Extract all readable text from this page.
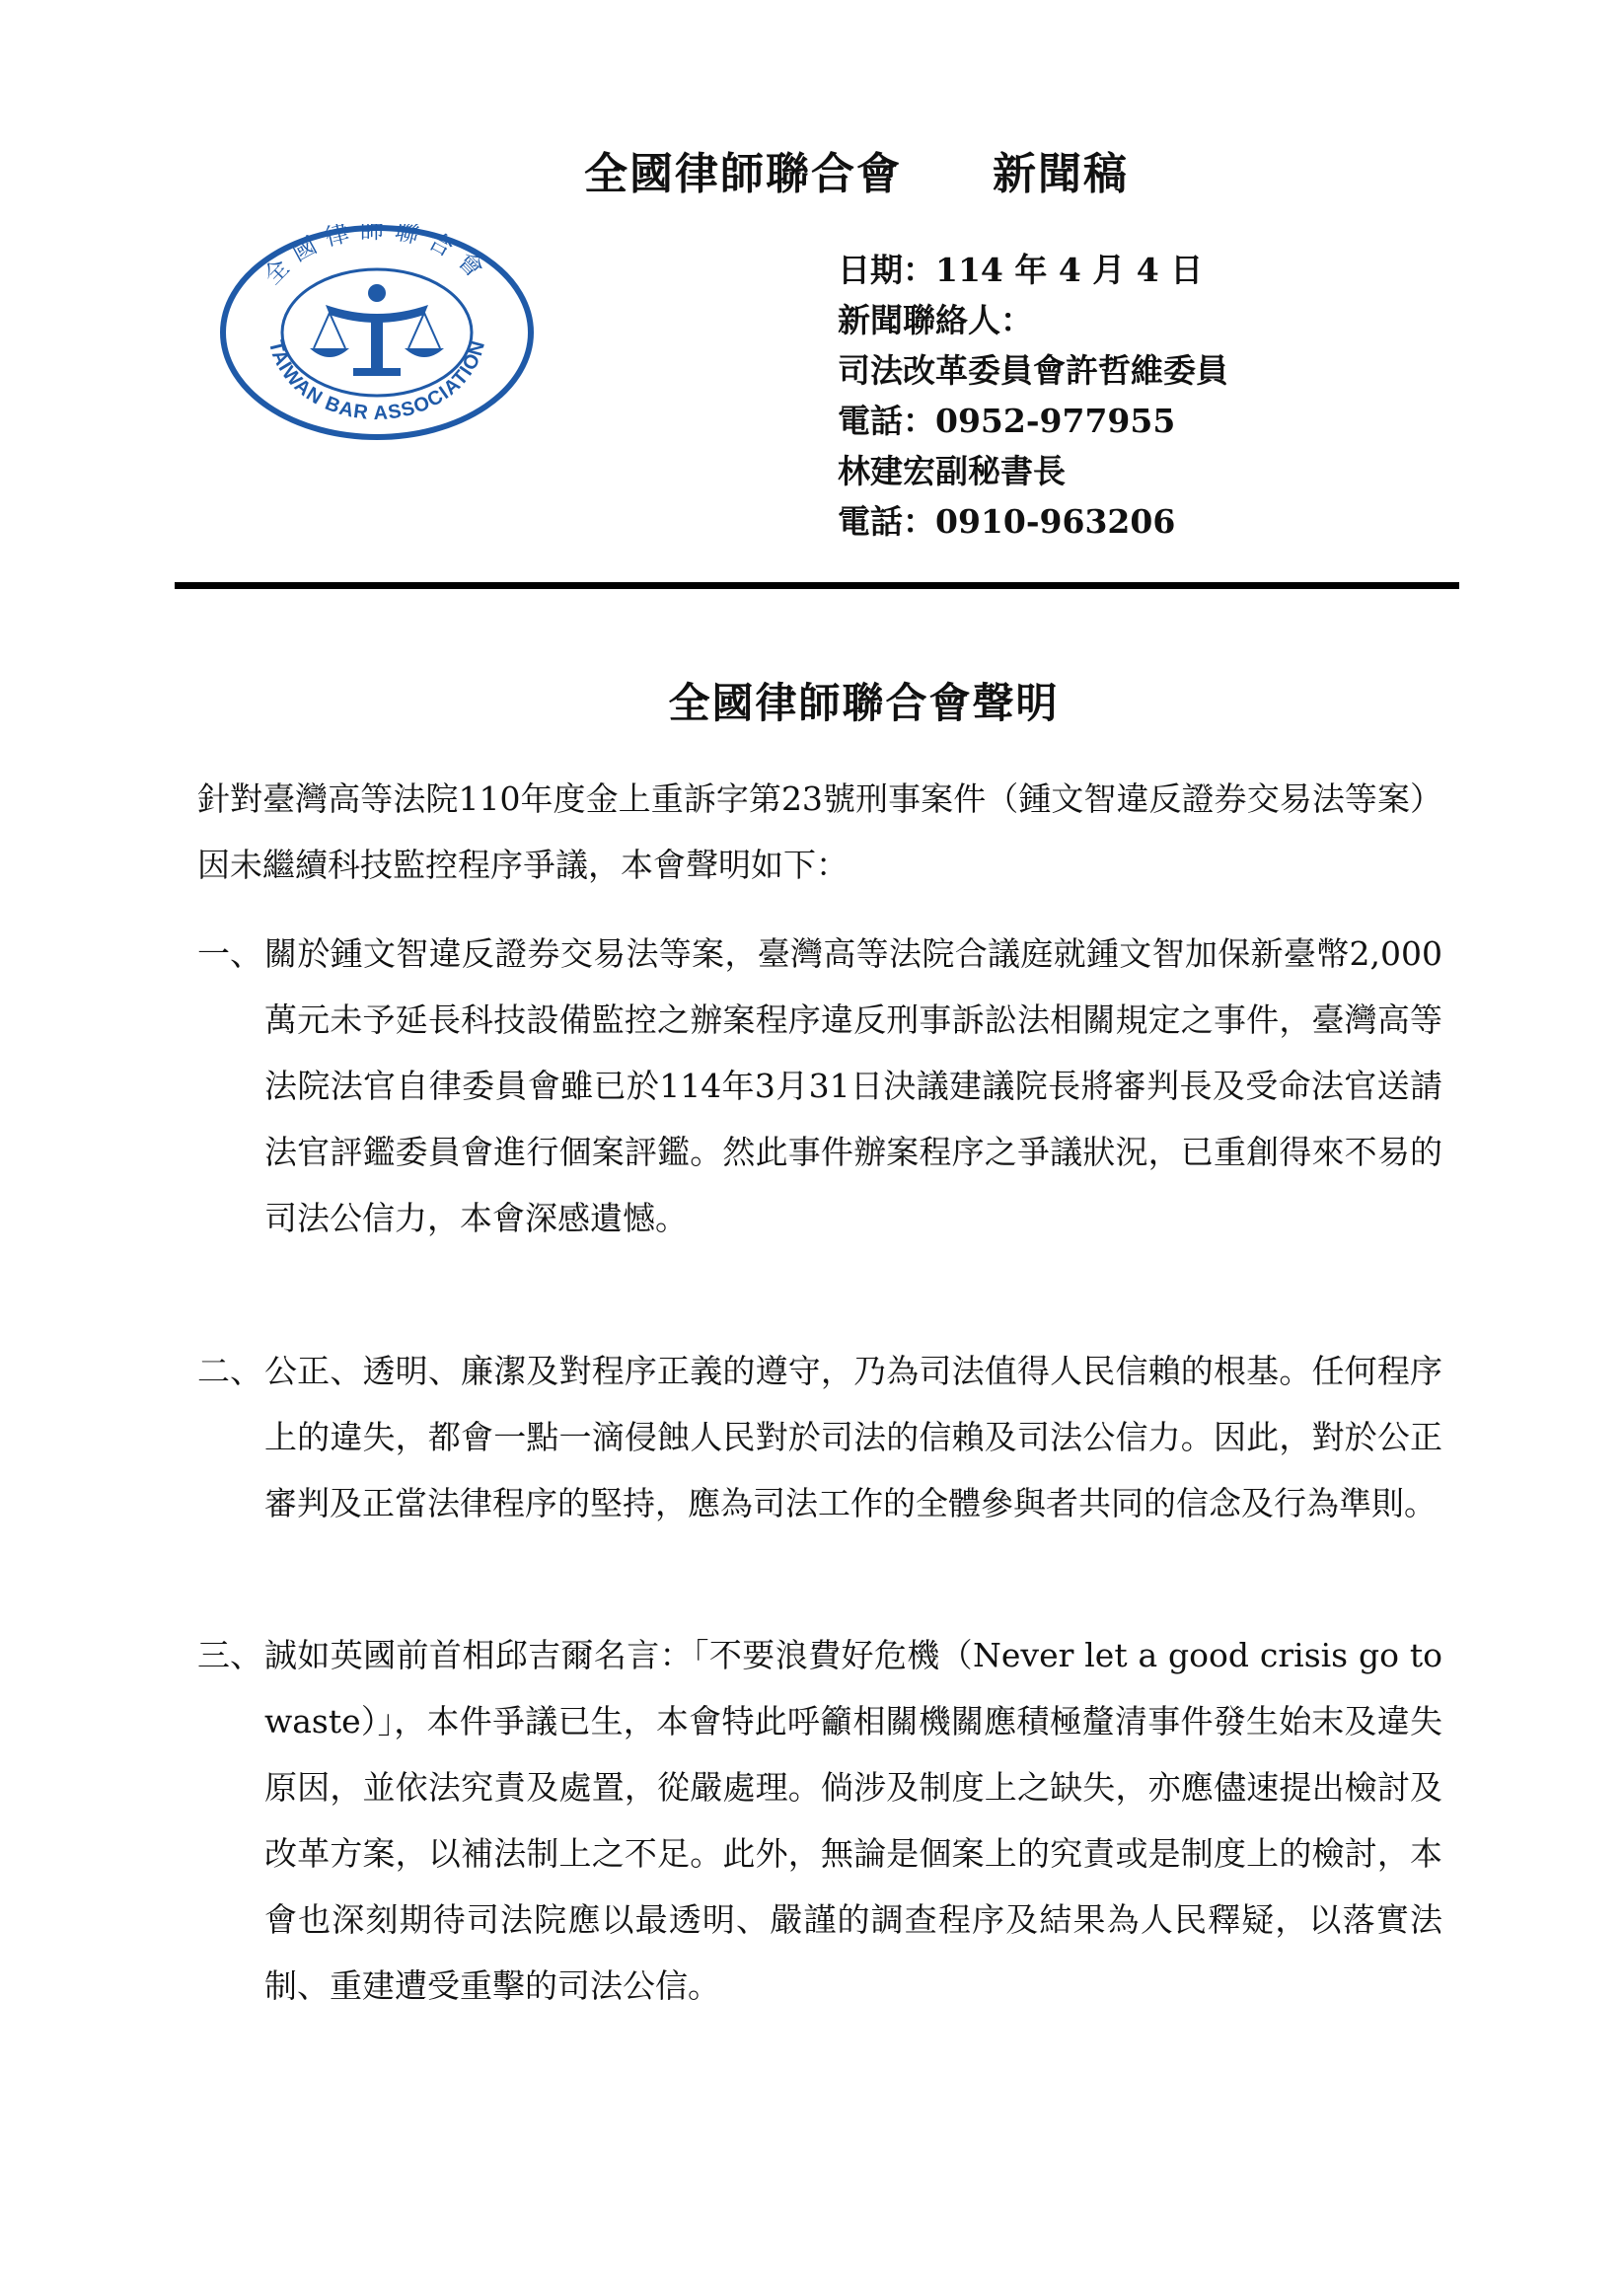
全國律師聯合會　　新聞稿
全國律師聯合會
TAIWAN BAR ASSOCIATION
日期：114 年 4 月 4 日
新聞聯絡人：
司法改革委員會許哲維委員
電話：0952-977955
林建宏副秘書長
電話：0910-963206
全國律師聯合會聲明
針對臺灣高等法院110年度金上重訴字第23號刑事案件（鍾文智違反證券交易法等案）因未繼續科技監控程序爭議，本會聲明如下：
一、 關於鍾文智違反證券交易法等案，臺灣高等法院合議庭就鍾文智加保新臺幣2,000萬元未予延長科技設備監控之辦案程序違反刑事訴訟法相關規定之事件，臺灣高等法院法官自律委員會雖已於114年3月31日決議建議院長將審判長及受命法官送請法官評鑑委員會進行個案評鑑。然此事件辦案程序之爭議狀況，已重創得來不易的司法公信力，本會深感遺憾。
二、 公正、透明、廉潔及對程序正義的遵守，乃為司法值得人民信賴的根基。任何程序上的違失，都會一點一滴侵蝕人民對於司法的信賴及司法公信力。因此，對於公正審判及正當法律程序的堅持，應為司法工作的全體參與者共同的信念及行為準則。
三、 誠如英國前首相邱吉爾名言：「不要浪費好危機（Never let a good crisis go to waste）」，本件爭議已生，本會特此呼籲相關機關應積極釐清事件發生始末及違失原因，並依法究責及處置，從嚴處理。倘涉及制度上之缺失，亦應儘速提出檢討及改革方案，以補法制上之不足。此外，無論是個案上的究責或是制度上的檢討，本會也深刻期待司法院應以最透明、嚴謹的調查程序及結果為人民釋疑，以落實法制、重建遭受重擊的司法公信。
